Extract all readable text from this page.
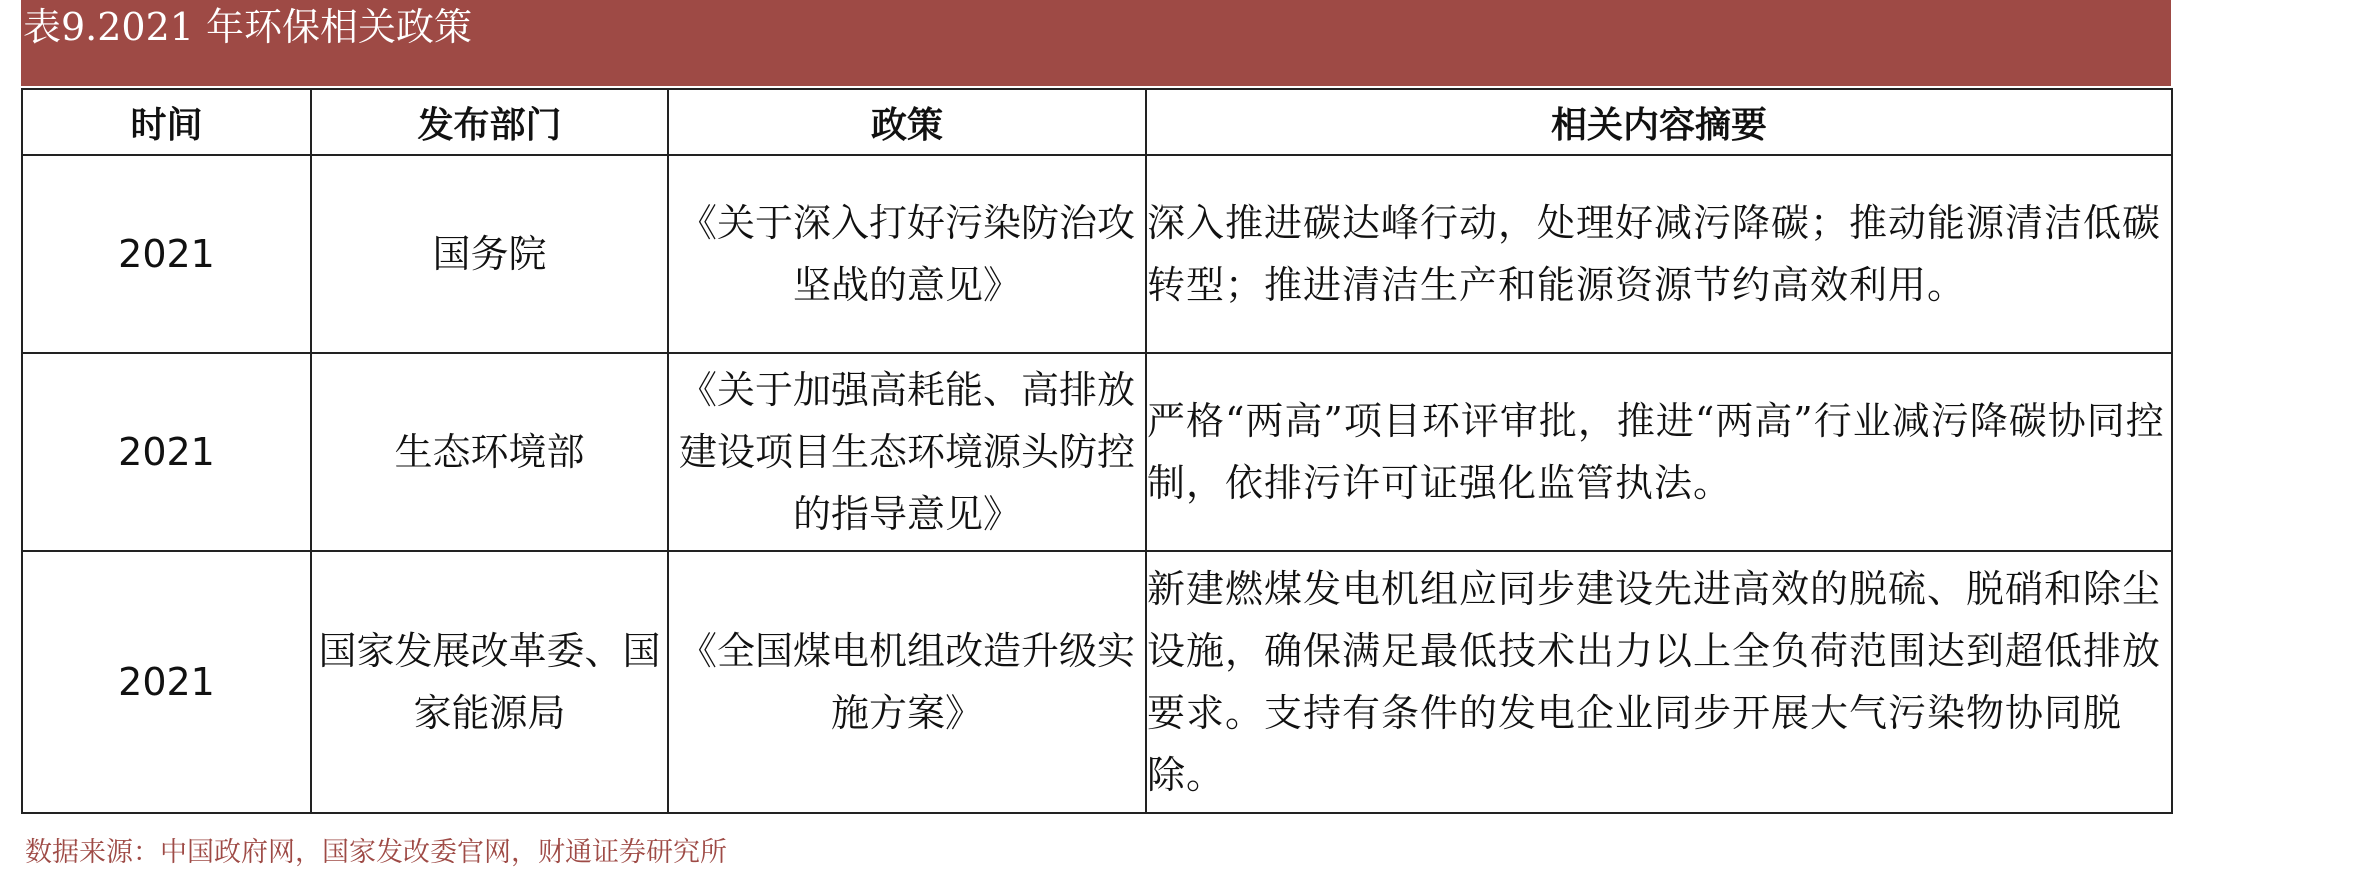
表9.2021 年环保相关政策
时间	发布部门	政策	相关内容摘要
2021	国务院	《关于深入打好污染防治攻坚战的意见》	深入推进碳达峰行动，处理好减污降碳；推动能源清洁低碳转型；推进清洁生产和能源资源节约高效利用。
2021	生态环境部	《关于加强高耗能、高排放建设项目生态环境源头防控的指导意见》	严格“两高”项目环评审批，推进“两高”行业减污降碳协同控制，依排污许可证强化监管执法。
2021	国家发展改革委、国家能源局	《全国煤电机组改造升级实施方案》	新建燃煤发电机组应同步建设先进高效的脱硫、脱硝和除尘设施，确保满足最低技术出力以上全负荷范围达到超低排放要求。支持有条件的发电企业同步开展大气污染物协同脱除。
数据来源：中国政府网，国家发改委官网，财通证券研究所
